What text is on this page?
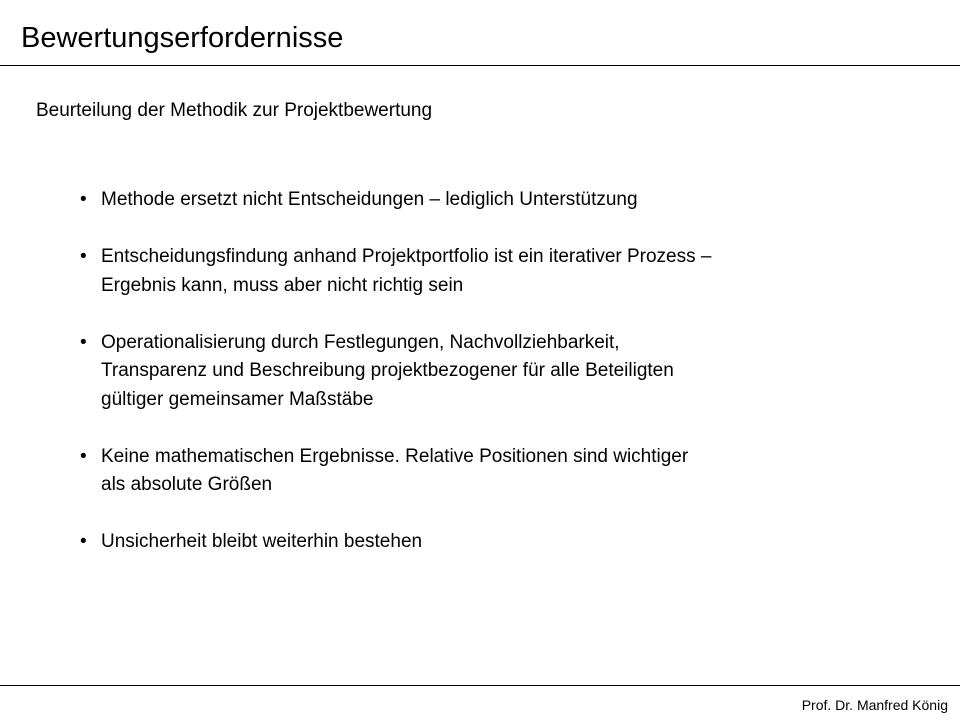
Bewertungserfordernisse
Beurteilung der Methodik zur Projektbewertung
• Methode ersetzt nicht Entscheidungen – lediglich Unterstützung
• Entscheidungsfindung anhand Projektportfolio ist ein iterativer Prozess –
Ergebnis kann, muss aber nicht richtig sein
• Operationalisierung durch Festlegungen, Nachvollziehbarkeit,
Transparenz und Beschreibung projektbezogener für alle Beteiligten
gültiger gemeinsamer Maßstäbe
• Keine mathematischen Ergebnisse. Relative Positionen sind wichtiger
als absolute Größen
• Unsicherheit bleibt weiterhin bestehen
Prof. Dr. Manfred König
